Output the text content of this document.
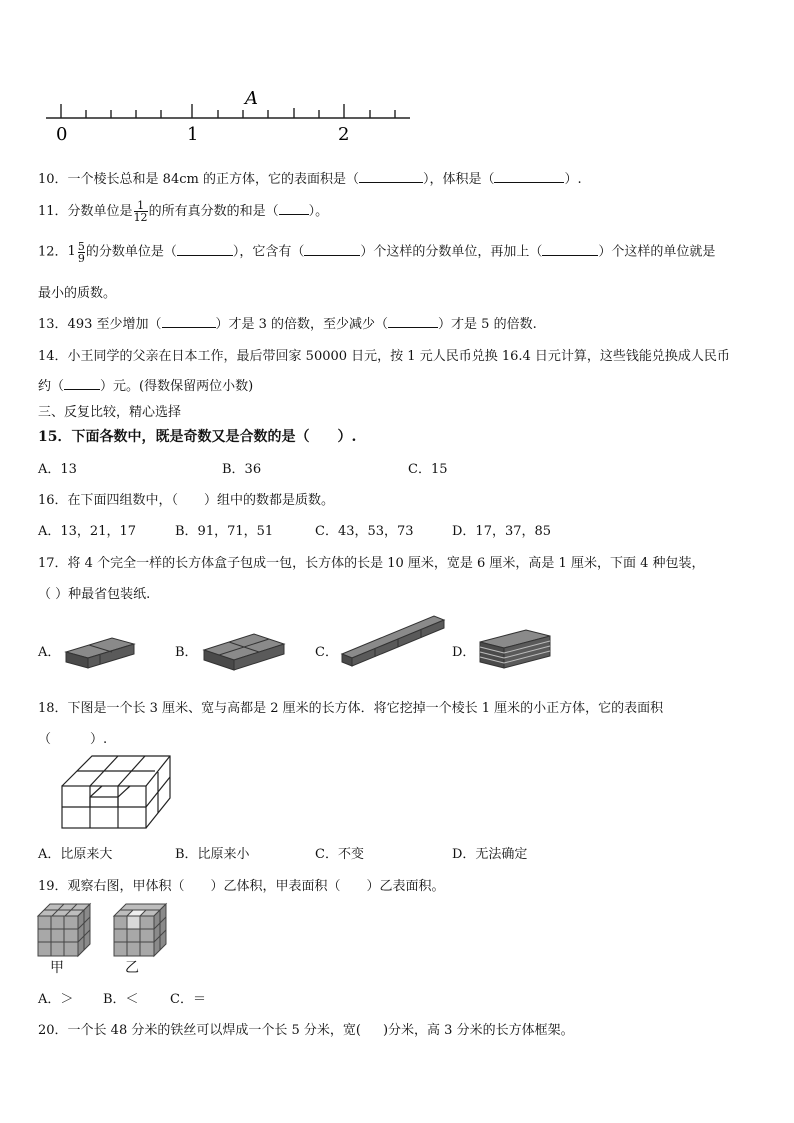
0	1	2
A
10．一个棱长总和是 84cm 的正方体，它的表面积是（	），体积是（	）.
11．分数单位是 $\frac{1}{12}$ 的所有真分数的和是（ ）。
12． $1 \frac{5}{9}$ 的分数单位是（	），它含有（	）个这样的分数单位，再加上（	）个这样的单位就是
最小的质数。
13．493 至少增加（	）才是 3 的倍数，至少减少（	）才是 5 的倍数.
14．小王同学的父亲在日本工作，最后带回家 50000 日元，按 1 元人民币兑换 16.4 日元计算，这些钱能兑换成人民币
约（	）元。(得数保留两位小数)
三、反复比较，精心选择
15．下面各数中，既是奇数又是合数的是（　　）.
A．13	B．36	C．15
16．在下面四组数中，（　　）组中的数都是质数。
A．13，21，17	B．91，71，51	C．43，53，73	D．17，37，85
17．将 4 个完全一样的长方体盒子包成一包，长方体的长是 10 厘米，宽是 6 厘米，高是 1 厘米，下面 4 种包装，
（ ）种最省包装纸.
A．	B．	C．	D．
18．下图是一个长 3 厘米、宽与高都是 2 厘米的长方体．将它挖掉一个棱长 1 厘米的小正方体，它的表面积
（　　　）.
A．比原来大	B．比原来小	C．不变	D．无法确定
19．观察右图，甲体积（　　）乙体积，甲表面积（　　）乙表面积。
甲	乙
A．＞ B．＜ C．＝
20．一个长 48 分米的铁丝可以焊成一个长 5 分米，宽( )分米，高 3 分米的长方体框架。
